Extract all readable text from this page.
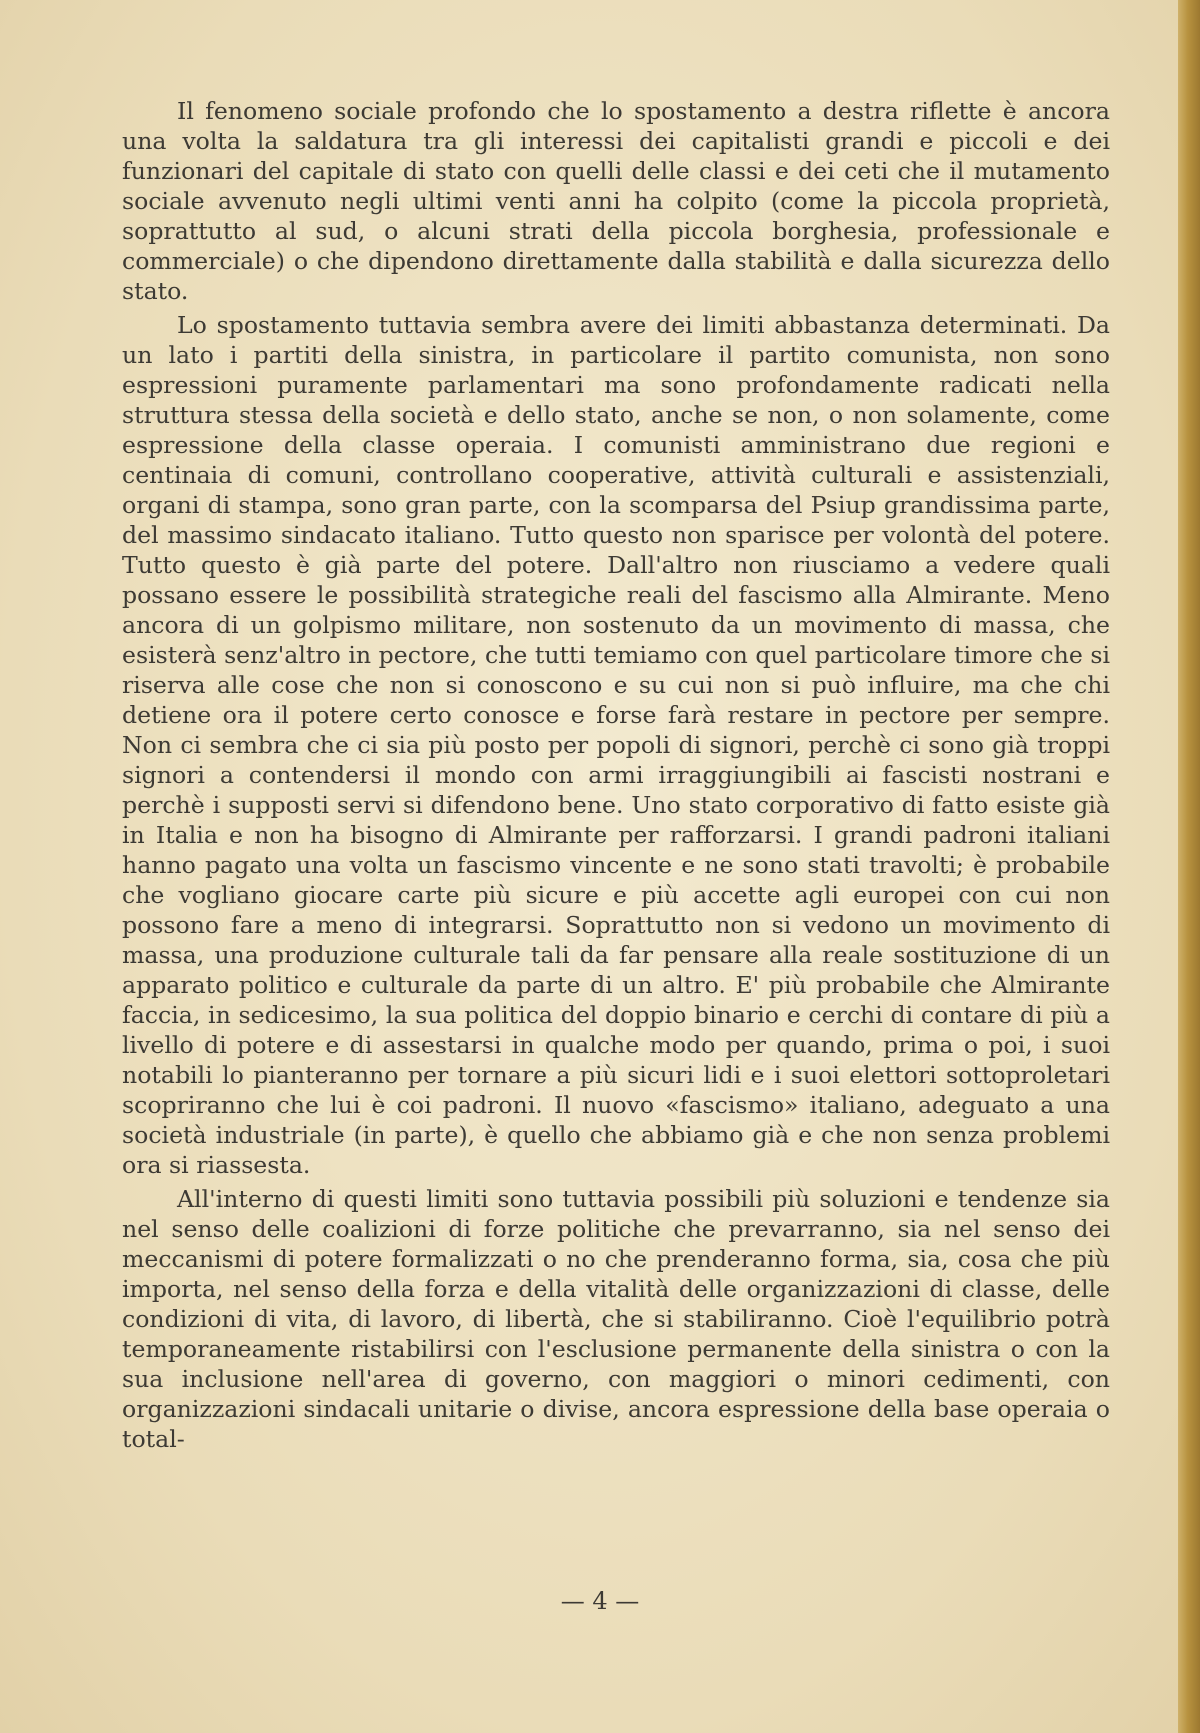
Il fenomeno sociale profondo che lo spostamento a destra riflette è ancora una volta la saldatura tra gli interessi dei capitalisti grandi e piccoli e dei funzionari del capitale di stato con quelli delle classi e dei ceti che il mutamento sociale avvenuto negli ultimi venti anni ha colpito (come la piccola proprietà, soprattutto al sud, o alcuni strati della piccola borghesia, professionale e commerciale) o che dipendono direttamente dalla stabilità e dalla sicurezza dello stato.

Lo spostamento tuttavia sembra avere dei limiti abbastanza determinati. Da un lato i partiti della sinistra, in particolare il partito comunista, non sono espressioni puramente parlamentari ma sono profondamente radicati nella struttura stessa della società e dello stato, anche se non, o non solamente, come espressione della classe operaia. I comunisti amministrano due regioni e centinaia di comuni, controllano cooperative, attività culturali e assistenziali, organi di stampa, sono gran parte, con la scomparsa del Psiup grandissima parte, del massimo sindacato italiano. Tutto questo non sparisce per volontà del potere. Tutto questo è già parte del potere. Dall'altro non riusciamo a vedere quali possano essere le possibilità strategiche reali del fascismo alla Almirante. Meno ancora di un golpismo militare, non sostenuto da un movimento di massa, che esisterà senz'altro in pectore, che tutti temiamo con quel particolare timore che si riserva alle cose che non si conoscono e su cui non si può influire, ma che chi detiene ora il potere certo conosce e forse farà restare in pectore per sempre. Non ci sembra che ci sia più posto per popoli di signori, perchè ci sono già troppi signori a contendersi il mondo con armi irraggiungibili ai fascisti nostrani e perchè i supposti servi si difendono bene. Uno stato corporativo di fatto esiste già in Italia e non ha bisogno di Almirante per rafforzarsi. I grandi padroni italiani hanno pagato una volta un fascismo vincente e ne sono stati travolti; è probabile che vogliano giocare carte più sicure e più accette agli europei con cui non possono fare a meno di integrarsi. Soprattutto non si vedono un movimento di massa, una produzione culturale tali da far pensare alla reale sostituzione di un apparato politico e culturale da parte di un altro. E' più probabile che Almirante faccia, in sedicesimo, la sua politica del doppio binario e cerchi di contare di più a livello di potere e di assestarsi in qualche modo per quando, prima o poi, i suoi notabili lo pianteranno per tornare a più sicuri lidi e i suoi elettori sottoproletari scopriranno che lui è coi padroni. Il nuovo «fascismo» italiano, adeguato a una società industriale (in parte), è quello che abbiamo già e che non senza problemi ora si riassesta.

All'interno di questi limiti sono tuttavia possibili più soluzioni e tendenze sia nel senso delle coalizioni di forze politiche che prevarranno, sia nel senso dei meccanismi di potere formalizzati o no che prenderanno forma, sia, cosa che più importa, nel senso della forza e della vitalità delle organizzazioni di classe, delle condizioni di vita, di lavoro, di libertà, che si stabiliranno. Cioè l'equilibrio potrà temporaneamente ristabilirsi con l'esclusione permanente della sinistra o con la sua inclusione nell'area di governo, con maggiori o minori cedimenti, con organizzazioni sindacali unitarie o divise, ancora espressione della base operaia o total-

— 4 —
